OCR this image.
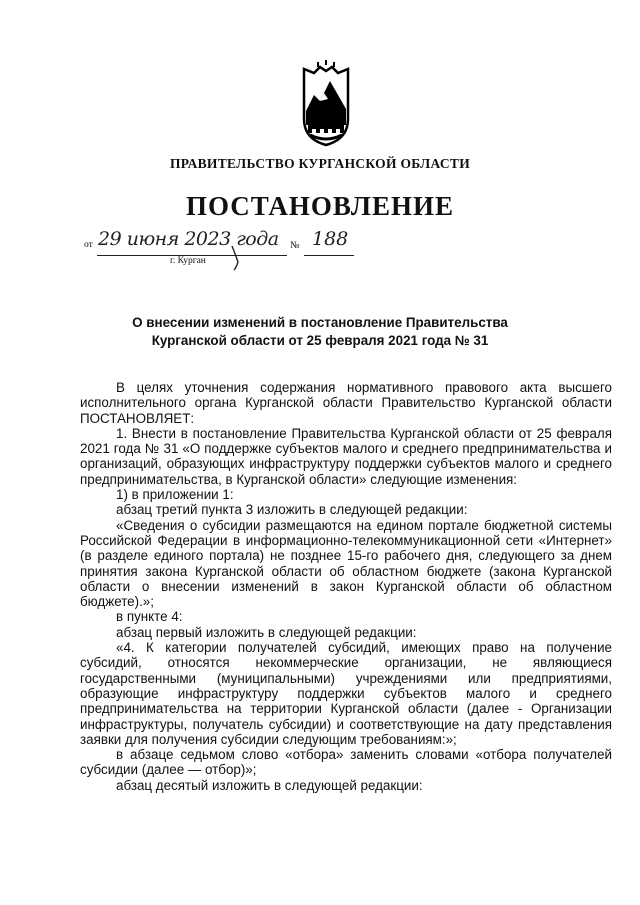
ПРАВИТЕЛЬСТВО КУРГАНСКОЙ ОБЛАСТИ
ПОСТАНОВЛЕНИЕ
от 29 июня 2023 года	№ 188
г. Курган
О внесении изменений в постановление Правительства
Курганской области от 25 февраля 2021 года № 31

В целях уточнения содержания нормативного правового акта высшего исполнительного органа Курганской области Правительство Курганской области ПОСТАНОВЛЯЕТ:

1. Внести в постановление Правительства Курганской области от 25 февраля 2021 года № 31 «О поддержке субъектов малого и среднего предпринимательства и организаций, образующих инфраструктуру поддержки субъектов малого и среднего предпринимательства, в Курганской области» следующие изменения:

1) в приложении 1:

абзац третий пункта 3 изложить в следующей редакции:

«Сведения о субсидии размещаются на едином портале бюджетной системы Российской Федерации в информационно-телекоммуникационной сети «Интернет» (в разделе единого портала) не позднее 15-го рабочего дня, следующего за днем принятия закона Курганской области об областном бюджете (закона Курганской области о внесении изменений в закон Курганской области об областном бюджете).»;

в пункте 4:

абзац первый изложить в следующей редакции:

«4. К категории получателей субсидий, имеющих право на получение субсидий, относятся некоммерческие организации, не являющиеся государственными (муниципальными) учреждениями или предприятиями, образующие инфраструктуру поддержки субъектов малого и среднего предпринимательства на территории Курганской области (далее - Организации инфраструктуры, получатель субсидии) и соответствующие на дату представления заявки для получения субсидии следующим требованиям:»;

в абзаце седьмом слово «отбора» заменить словами «отбора получателей субсидии (далее — отбор)»;

абзац десятый изложить в следующей редакции:
